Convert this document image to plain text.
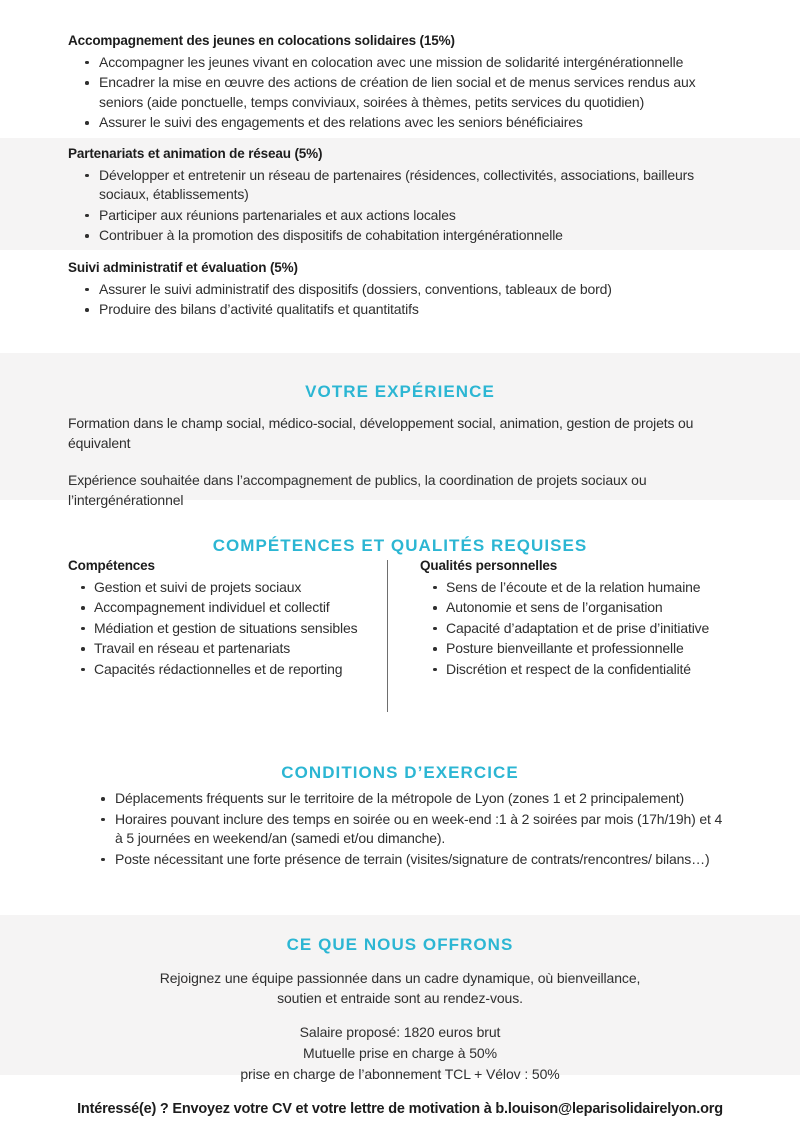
Accompagnement des jeunes en colocations solidaires (15%)
Accompagner les jeunes vivant en colocation avec une mission de solidarité intergénérationnelle
Encadrer la mise en œuvre des actions de création de lien social et de menus services rendus aux seniors (aide ponctuelle, temps conviviaux, soirées à thèmes, petits services du quotidien)
Assurer le suivi des engagements et des relations avec les seniors bénéficiaires
Partenariats et animation de réseau (5%)
Développer et entretenir un réseau de partenaires (résidences, collectivités, associations, bailleurs sociaux, établissements)
Participer aux réunions partenariales et aux actions locales
Contribuer à la promotion des dispositifs de cohabitation intergénérationnelle
Suivi administratif et évaluation (5%)
Assurer le suivi administratif des dispositifs (dossiers, conventions, tableaux de bord)
Produire des bilans d’activité qualitatifs et quantitatifs
VOTRE EXPÉRIENCE

Formation dans le champ social, médico-social, développement social, animation, gestion de projets ou équivalent

Expérience souhaitée dans l’accompagnement de publics, la coordination de projets sociaux ou l’intergénérationnel

COMPÉTENCES ET QUALITÉS REQUISES
Compétences
Gestion et suivi de projets sociaux
Accompagnement individuel et collectif
Médiation et gestion de situations sensibles
Travail en réseau et partenariats
Capacités rédactionnelles et de reporting
Qualités personnelles
Sens de l’écoute et de la relation humaine
Autonomie et sens de l’organisation
Capacité d’adaptation et de prise d’initiative
Posture bienveillante et professionnelle
Discrétion et respect de la confidentialité
CONDITIONS D’EXERCICE
Déplacements fréquents sur le territoire de la métropole de Lyon (zones 1 et 2 principalement)
Horaires pouvant inclure des temps en soirée ou en week-end :1 à 2 soirées par mois (17h/19h) et 4 à 5 journées en weekend/an (samedi et/ou dimanche).
Poste nécessitant une forte présence de terrain (visites/signature de contrats/rencontres/ bilans…)
CE QUE NOUS OFFRONS

Rejoignez une équipe passionnée dans un cadre dynamique, où bienveillance,

soutien et entraide sont au rendez-vous.

Salaire proposé: 1820 euros brut

Mutuelle prise en charge à 50%

prise en charge de l’abonnement TCL + Vélov : 50%

Intéressé(e) ? Envoyez votre CV et votre lettre de motivation à b.louison@leparisolidairelyon.org
